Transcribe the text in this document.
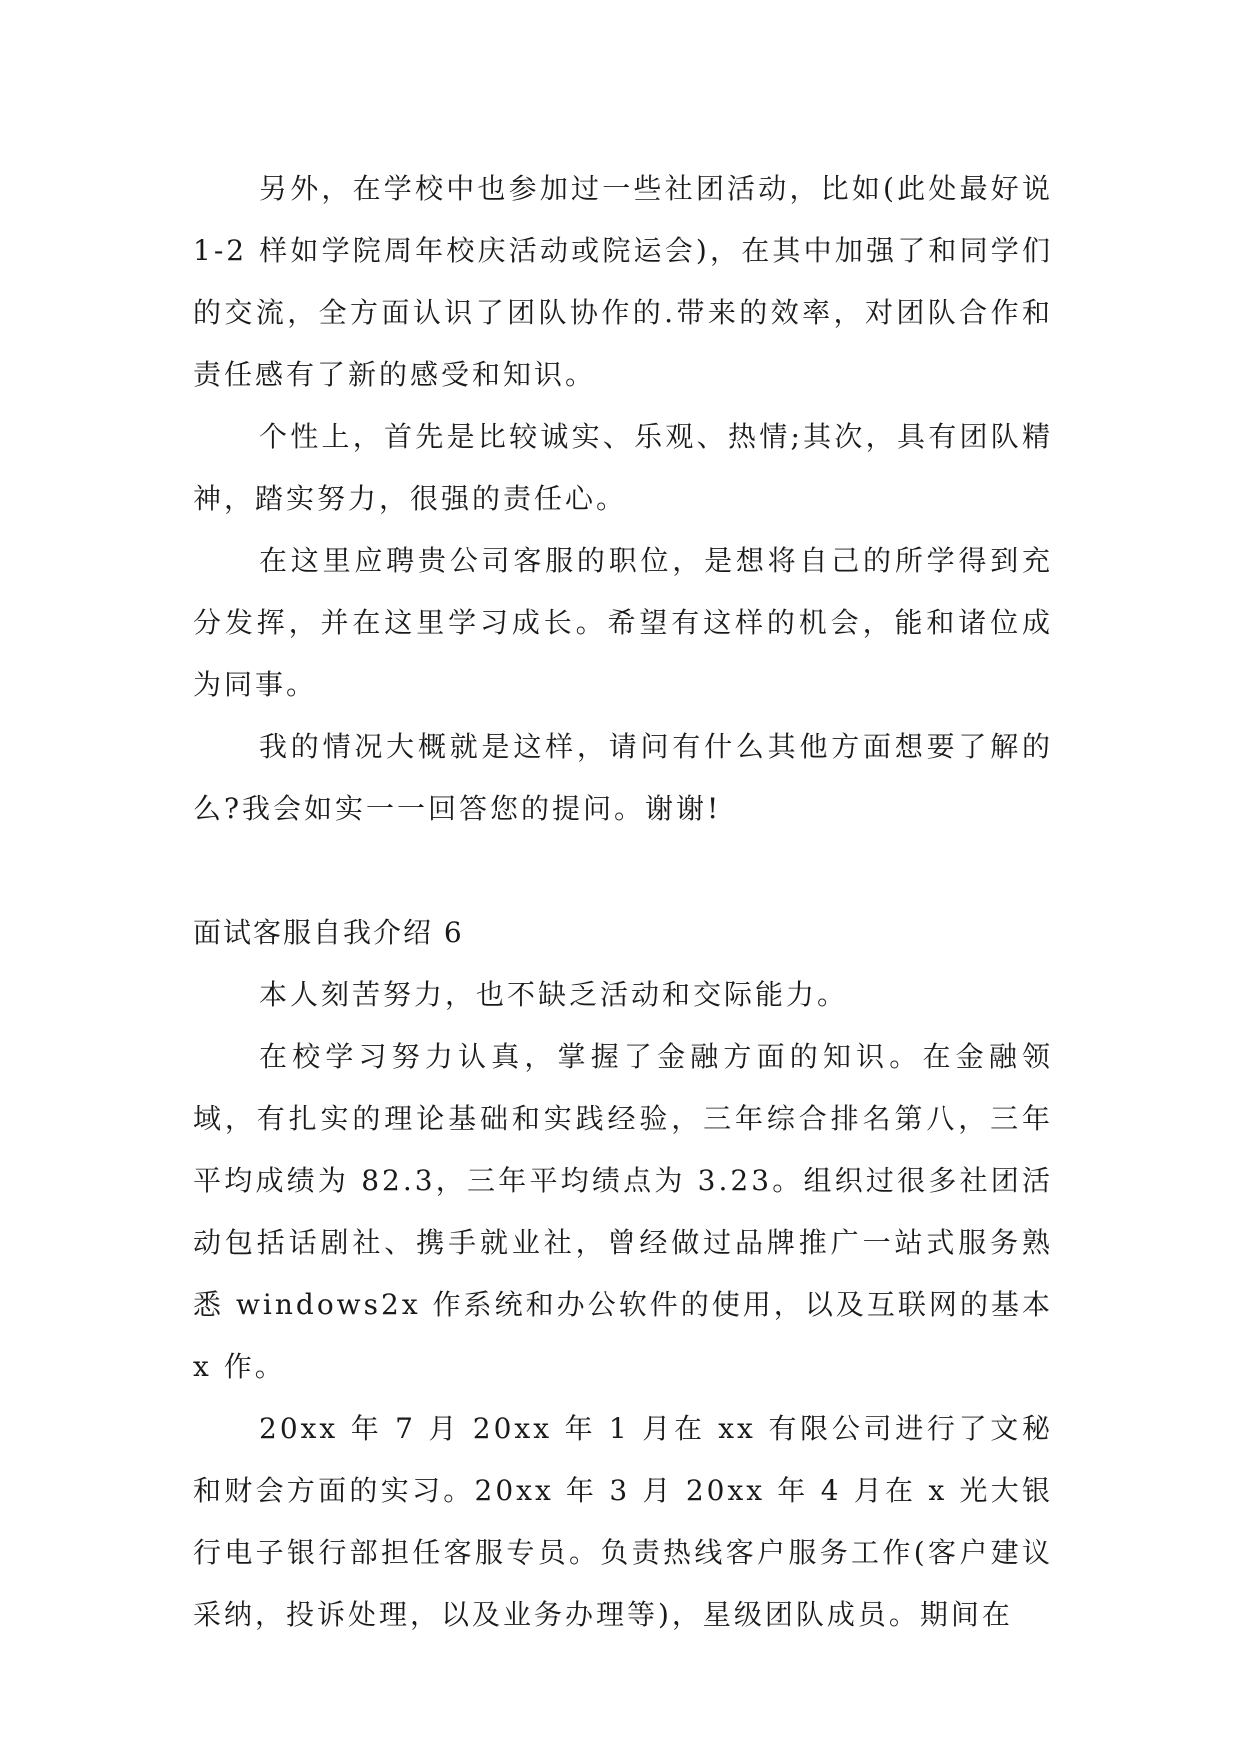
另外，在学校中也参加过一些社团活动，比如(此处最好说 1-2 样如学院周年校庆活动或院运会)，在其中加强了和同学们的交流，全方面认识了团队协作的.带来的效率，对团队合作和责任感有了新的感受和知识。

个性上，首先是比较诚实、乐观、热情;其次，具有团队精神，踏实努力，很强的责任心。

在这里应聘贵公司客服的职位，是想将自己的所学得到充分发挥，并在这里学习成长。希望有这样的机会，能和诸位成为同事。

我的情况大概就是这样，请问有什么其他方面想要了解的么?我会如实一一回答您的提问。谢谢!

面试客服自我介绍 6

本人刻苦努力，也不缺乏活动和交际能力。

在校学习努力认真，掌握了金融方面的知识。在金融领域，有扎实的理论基础和实践经验，三年综合排名第八，三年平均成绩为 82.3，三年平均绩点为 3.23。组织过很多社团活动包括话剧社、携手就业社，曾经做过品牌推广一站式服务熟悉 windows2x 作系统和办公软件的使用，以及互联网的基本 x 作。

20xx 年 7 月 20xx 年 1 月在 xx 有限公司进行了文秘和财会方面的实习。20xx 年 3 月 20xx 年 4 月在 x 光大银行电子银行部担任客服专员。负责热线客户服务工作(客户建议采纳，投诉处理，以及业务办理等)，星级团队成员。期间在
